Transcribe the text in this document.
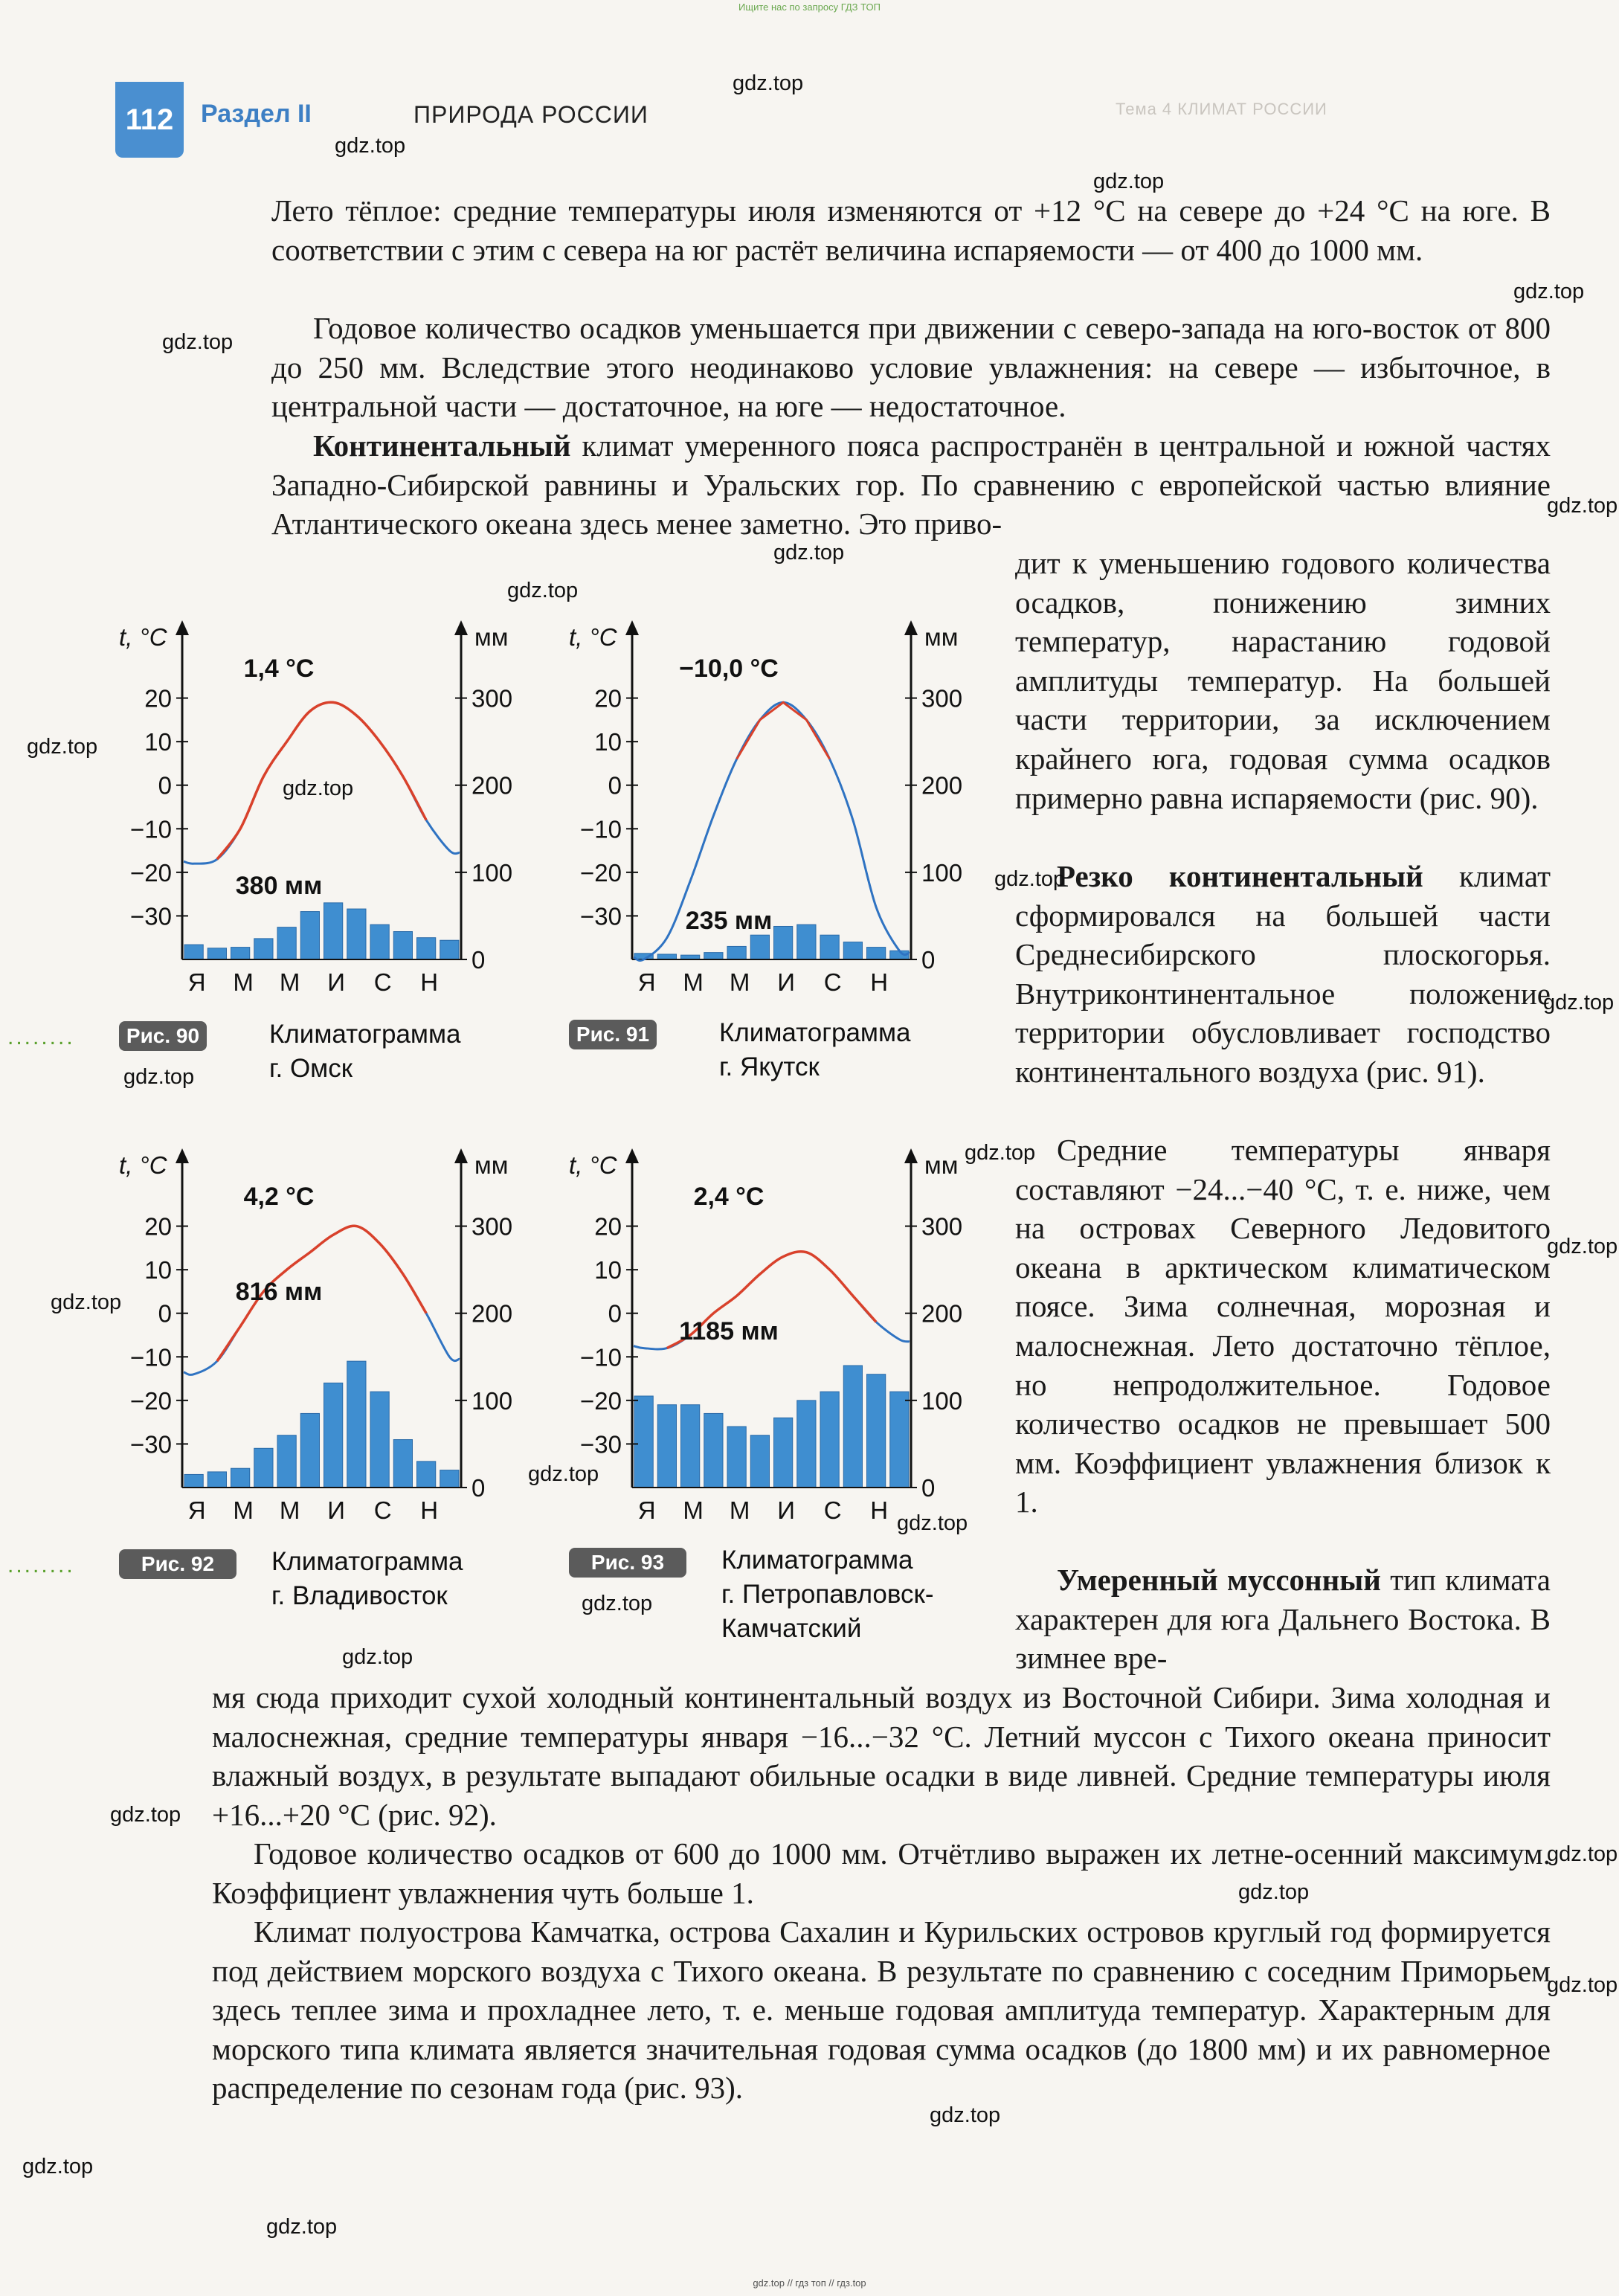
Ищите нас по запросу ГДЗ ТОП
gdz.top // гдз топ // гдз.top
112	Раздел II	ПРИРОДА РОССИИ	Тема 4 КЛИМАТ РОССИИ

Лето тёплое: средние температуры июля изменяются от +12 °С на севере до +24 °С на юге. В соответствии с этим с севера на юг растёт величина испаряемости — от 400 до 1000 мм.

Годовое количество осадков уменьшается при движении с северо-запада на юго-восток от 800 до 250 мм. Вследствие этого неодинаково условие увлажнения: на севере — избыточное, в центральной части — достаточное, на юге — недостаточное.

Континентальный климат умеренного пояса распространён в центральной и южной частях Западно-Сибирской равнины и Уральских гор. По сравнению с европейской частью влияние Атлантического океана здесь менее заметно. Это приво-

дит к уменьшению годового количества осадков, понижению зимних температур, нарастанию годовой амплитуды температур. На большей части территории, за исключением крайнего юга, годовая сумма осадков примерно равна испаряемости (рис. 90).

Резко континентальный климат сформировался на большей части Среднесибирского плоскогорья. Внутриконтинентальное положение территории обусловливает господство континентального воздуха (рис. 91).

Средние температуры января составляют −24...−40 °С, т. е. ниже, чем на островах Северного Ледовитого океана в арктическом климатическом поясе. Зима солнечная, морозная и малоснежная. Лето достаточно тёплое, но непродолжительное. Годовое количество осадков не превышает 500 мм. Коэффициент увлажнения близок к 1.

Умеренный муссонный тип климата характерен для юга Дальнего Востока. В зимнее вре-

мя сюда приходит сухой холодный континентальный воздух из Восточной Сибири. Зима холодная и малоснежная, средние температуры января −16...−32 °С. Летний муссон с Тихого океана приносит влажный воздух, в результате выпадают обильные осадки в виде ливней. Средние температуры июля +16...+20 °С (рис. 92).

Годовое количество осадков от 600 до 1000 мм. Отчётливо выражен их летне-осенний максимум. Коэффициент увлажнения чуть больше 1.

Климат полуострова Камчатка, острова Сахалин и Курильских островов круглый год формируется под действием морского воздуха с Тихого океана. В результате по сравнению с соседним Приморьем здесь теплее зима и прохладнее лето, т. е. меньше годовая амплитуда температур. Характерным для морского типа климата является значительная годовая сумма осадков (до 1800 мм) и их равномерное распределение по сезонам года (рис. 93).

20
10
0
−10
−20
−30
300
200
100
0
t, °C	мм
Я М М И С Н
1,4 °C
380 мм
20
10
0
−10
−20
−30
300
200
100
0
t, °C	мм
Я М М И С Н
−10,0 °C
235 мм
20
10
0
−10
−20
−30
300
200
100
0
t, °C	мм
Я М М И С Н
4,2 °C
816 мм
20
10
0
−10
−20
−30
300
200
100
0
t, °C	мм
Я М М И С Н
2,4 °C
1185 мм
........	Рис. 90	Климатограмма
г. Омск
Рис. 91	Климатограмма
г. Якутск
........	Рис. 92	Климатограмма
г. Владивосток
Рис. 93	Климатограмма
г. Петропавловск-
Камчатский
gdz.top
gdz.top
gdz.top
gdz.top
gdz.top
gdz.top
gdz.top
gdz.top
gdz.top
gdz.top
gdz.top
gdz.top
gdz.top
gdz.top
gdz.top
gdz.top
gdz.top
gdz.top
gdz.top
gdz.top
gdz.top
gdz.top
gdz.top
gdz.top
gdz.top
gdz.top
gdz.top
